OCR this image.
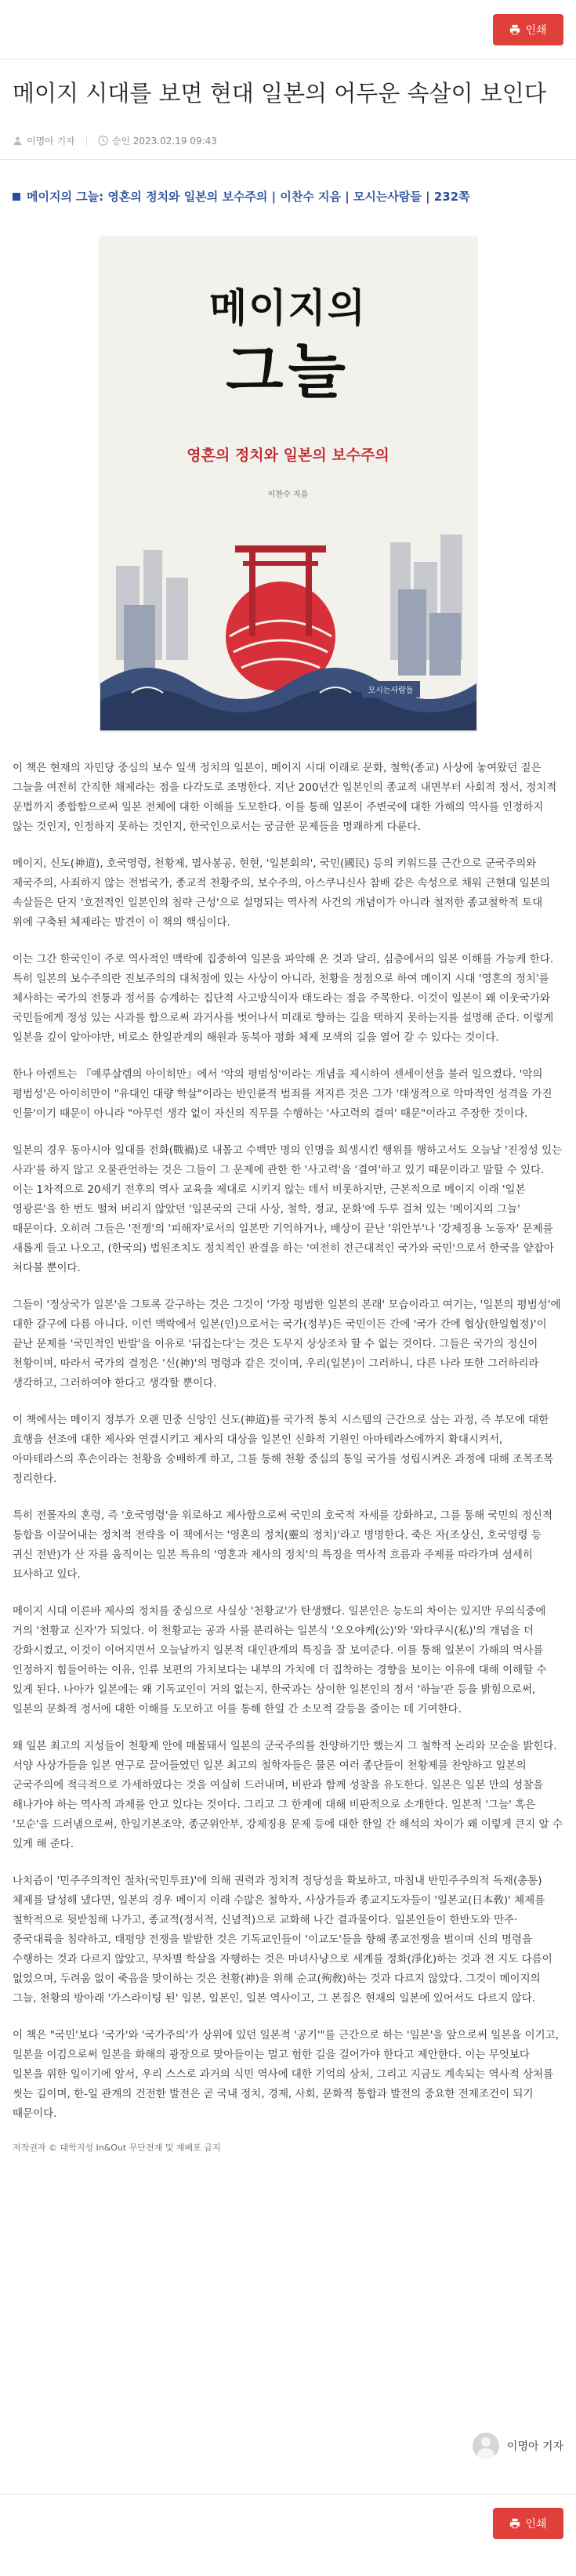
인쇄
메이지 시대를 보면 현대 일본의 어두운 속살이 보인다
이명아 기자	승인 2023.02.19 09:43
메이지의 그늘: 영혼의 정치와 일본의 보수주의 | 이찬수 지음 | 모시는사람들 | 232쪽
메이지의
그늘
영혼의 정치와 일본의 보수주의
이찬수 지음
모시는사람들

이 책은 현재의 자민당 중심의 보수 일색 정치의 일본이, 메이지 시대 이래로 문화, 철학(종교) 사상에 놓여왔던 짙은 그늘을 여전히 간직한 채제라는 점을 다각도로 조명한다. 지난 200년간 일본인의 종교적 내면부터 사회적 정서, 정치적 문법까지 종합함으로써 일본 전체에 대한 이해를 도모한다. 이를 통해 일본이 주변국에 대한 가해의 역사를 인정하지 않는 것인지, 인정하지 못하는 것인지, 한국인으로서는 궁금한 문제들을 명쾌하게 다룬다.

메이지, 신도(神道), 호국영령, 천황제, 멸사봉공, 현현, '일본회의', 국민(國民) 등의 키워드를 근간으로 군국주의와 제국주의, 사죄하지 않는 전범국가, 종교적 천황주의, 보수주의, 아스쿠니신사 참배 같은 속성으로 채워 근현대 일본의 속살들은 단지 '호전적인 일본인의 침략 근성'으로 설명되는 역사적 사건의 개념이가 아니라 철저한 종교철학적 토대 위에 구축된 체제라는 발견이 이 책의 핵심이다.

이는 그간 한국인이 주로 역사적인 맥락에 집중하여 일본을 파악해 온 것과 달리, 심층에서의 일본 이해를 가능케 한다. 특히 일본의 보수주의란 진보주의의 대척점에 있는 사상이 아니라, 천황을 정점으로 하여 메이지 시대 '영혼의 정치'를 체사하는 국가의 전통과 정서를 승계하는 집단적 사고방식이자 태도라는 점을 주목한다. 이것이 일본이 왜 이웃국가와 국민들에게 정성 있는 사과를 함으로써 과거사를 벗어나서 미래로 향하는 길을 택하지 못하는지를 설명해 준다. 이렇게 일본을 깊이 알아야만, 비로소 한일관계의 해원과 동북아 평화 체제 모색의 길을 열어 갈 수 있다는 것이다.

한나 아렌트는 『예루살렘의 아이히만』에서 '악의 평범성'이라는 개념을 제시하여 센세이션을 불러 일으켰다. '악의 평범성'은 아이히만이 "유대인 대량 학살"이라는 반인륜적 범죄를 저지른 것은 그가 '태생적으로 악마적인 성격을 가진 인물'이기 때문이 아니라 "아무런 생각 없이 자신의 직무를 수행하는 '사고력의 결여' 때문"이라고 주장한 것이다.

일본의 경우 동아시아 일대를 전화(戰禍)로 내몰고 수백만 명의 인명을 희생시킨 행위를 행하고서도 오늘날 '진정성 있는 사과'를 하지 않고 오불관언하는 것은 그들이 그 문제에 관한 한 '사고력'을 '결여'하고 있기 때문이라고 말할 수 있다. 이는 1차적으로 20세기 전후의 역사 교육을 제대로 시키지 않는 데서 비롯하지만, 근본적으로 메이지 이래 '일본 영광론'을 한 번도 떨쳐 버리지 않았던 '일본국의 근대 사상, 철학, 정교, 문화'에 두루 걸쳐 있는 '메이지의 그늘' 때문이다. 오히려 그들은 '전쟁'의 '피해자'로서의 일본만 기억하거나, 배상이 끝난 '위안부'나 '강제징용 노동자' 문제를 새롭게 들고 나오고, (한국의) 법원조치도 정치적인 판결을 하는 '여전히 전근대적인 국가와 국민'으로서 한국을 얕잡아 쳐다볼 뿐이다.

그들이 '정상국가 일본'을 그토록 갈구하는 것은 그것이 '가장 평범한 일본의 본래' 모습이라고 여기는, '일본의 평범성'에 대한 갈구에 다름 아니다. 이런 맥락에서 일본(인)으로서는 국가(정부)든 국민이든 간에 '국가 간에 협상(한일협정)'이 끝난 문제를 '국민적인 반발'을 이유로 '뒤집는다'는 것은 도무지 상상조차 할 수 없는 것이다. 그들은 국가의 정신이 천황이며, 따라서 국가의 결정은 '신(神)'의 명령과 같은 것이며, 우리(일본)이 그러하니, 다른 나라 또한 그러하리라 생각하고, 그러하여야 한다고 생각할 뿐이다.

이 책에서는 메이지 정부가 오랜 민중 신앙인 신도(神道)를 국가적 통치 시스템의 근간으로 삼는 과정, 즉 부모에 대한 효행을 선조에 대한 제사와 연결시키고 제사의 대상을 일본인 신화적 기원인 아마테라스에까지 확대시켜서, 아마테라스의 후손이라는 천황을 숭배하게 하고, 그를 통해 천황 중심의 통일 국가를 성립시켜온 과정에 대해 조목조목 정리한다.

특히 전몰자의 혼령, 즉 '호국영령'을 위로하고 제사함으로써 국민의 호국적 자세를 강화하고, 그를 통해 국민의 정신적 통합을 이끌어내는 정치적 전략을 이 책에서는 '영혼의 정치(靈의 정치)'라고 명명한다. 죽은 자(조상신, 호국영령 등 귀신 전반)가 산 자를 움직이는 일본 특유의 '영혼과 제사의 정치'의 특징을 역사적 흐름과 주제를 따라가며 섬세히 묘사하고 있다.

메이지 시대 이른바 제사의 정치를 중심으로 사실상 '천황교'가 탄생했다. 일본인은 능도의 차이는 있지만 무의식중에 거의 '천황교 신자'가 되었다. 이 천황교는 공과 사를 분리하는 일본식 '오오야케(公)'와 '와타쿠시(私)'의 개념을 더 강화시켰고, 이것이 이어지면서 오늘날까지 일본적 대인관계의 특징을 잘 보여준다. 이를 통해 일본이 가해의 역사를 인정하지 힘들어하는 이유, 인류 보편의 가치보다는 내부의 가치에 더 집착하는 경향을 보이는 이유에 대해 이해할 수 있게 된다. 나아가 일본에는 왜 기독교인이 거의 없는지, 한국과는 상이한 일본인의 정서 '하늘'관 등을 밝힘으로써, 일본의 문화적 정서에 대한 이해를 도모하고 이를 통해 한일 간 소모적 갈등을 줄이는 데 기여한다.

왜 일본 최고의 지성들이 천황제 안에 매몰돼서 일본의 군국주의를 찬양하기만 했는지 그 철학적 논리와 모순을 밝힌다. 서양 사상가들을 일본 연구로 끌어들였던 일본 최고의 철학자들은 물론 여러 종단들이 천황제를 찬양하고 일본의 군국주의에 적극적으로 가세하였다는 것을 여실히 드러내며, 비판과 함께 성찰을 유도한다. 일본은 일본 만의 성찰을 해나가야 하는 역사적 과제를 안고 있다는 것이다. 그리고 그 한계에 대해 비판적으로 소개한다. 일본적 '그늘' 혹은 '모순'을 드러냄으로써, 한일기본조약, 종군위안부, 강제징용 문제 등에 대한 한일 간 해석의 차이가 왜 이렇게 큰지 알 수 있게 해 준다.

나치즘이 '민주주의적인 절차(국민투표)'에 의해 권력과 정치적 정당성을 확보하고, 마침내 반민주주의적 독재(총통) 체제를 달성해 냈다면, 일본의 경우 메이지 이래 수많은 철학자, 사상가들과 종교지도자들이 '일본교(日本敎)' 체제를 철학적으로 뒷받침해 나가고, 종교적(정서적, 신념적)으로 교화해 나간 결과물이다. 일본인들이 한반도와 만주·중국대륙을 침략하고, 태평양 전쟁을 발발한 것은 기독교인들이 '이교도'들을 향해 종교전쟁을 벌이며 신의 명령을 수행하는 것과 다르지 않았고, 무차별 학살을 자행하는 것은 마녀사냥으로 세계를 정화(淨化)하는 것과 전 지도 다름이 없었으며, 두려움 없이 죽음을 맞이하는 것은 천황(神)을 위해 순교(殉敎)하는 것과 다르지 않았다. 그것이 메이지의 그늘, 천황의 방아래 '가스라이팅 된' 일본, 일본인, 일본 역사이고, 그 본질은 현재의 일본에 있어서도 다르지 않다.

이 책은 "국민'보다 '국가'와 '국가주의'가 상위에 있던 일본적 '공기'"를 근간으로 하는 '일본'을 앞으로써 일본을 이기고, 일본을 이김으로써 일본을 화해의 광장으로 맞아들이는 멀고 험한 길을 걸어가야 한다고 제안한다. 이는 무엇보다 일본을 위한 일이기에 앞서, 우리 스스로 과거의 식민 역사에 대한 기억의 상처, 그리고 지금도 계속되는 역사적 상처를 씻는 길이며, 한-일 관계의 건전한 발전은 곧 국내 정치, 경제, 사회, 문화적 통합과 발전의 중요한 전제조건이 되기 때문이다.

저작권자 © 대학지성 In&Out 무단전재 및 재배포 금지
이명아 기자
인쇄
